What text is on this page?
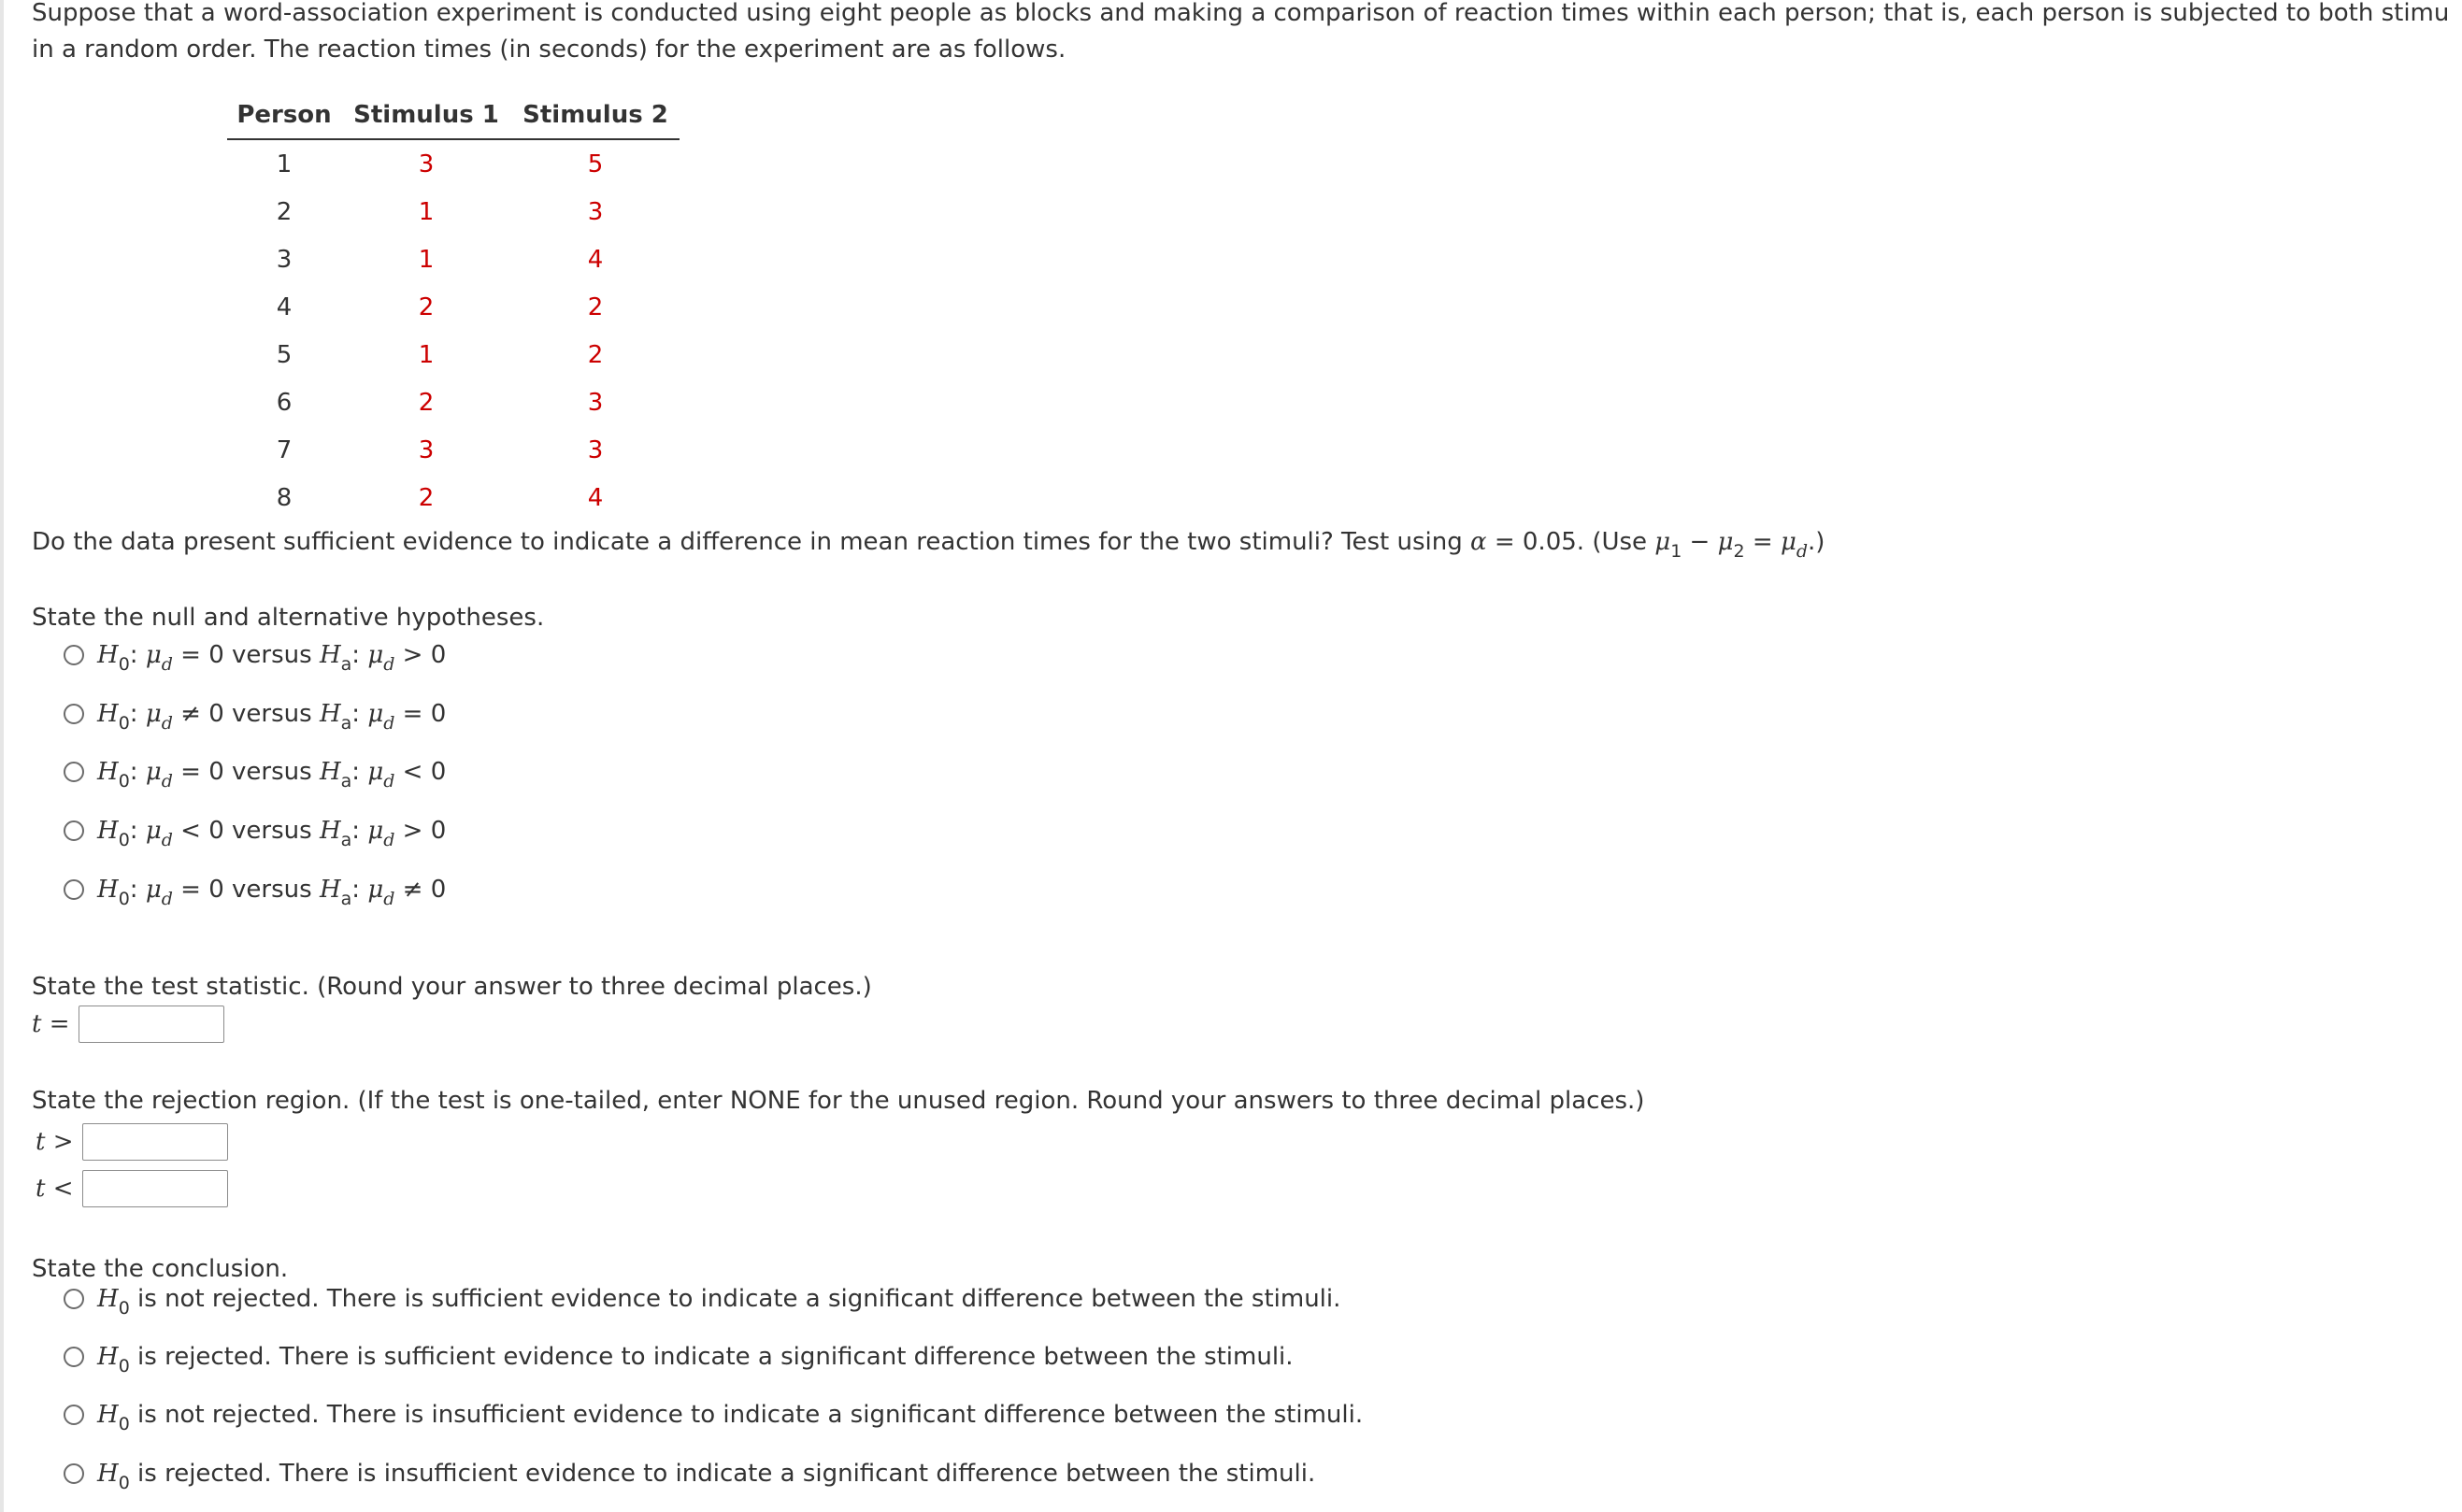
Suppose that a word-association experiment is conducted using eight people as blocks and making a comparison of reaction times within each person; that is, each person is subjected to both stimu
in a random order. The reaction times (in seconds) for the experiment are as follows.
Person	Stimulus 1	Stimulus 2
1	3	5
2	1	3
3	1	4
4	2	2
5	1	2
6	2	3
7	3	3
8	2	4
Do the data present sufficient evidence to indicate a difference in mean reaction times for the two stimuli? Test using α = 0.05. (Use $\mu_1 - \mu_2 = \mu_d$.)
State the null and alternative hypotheses.
$H_0$: $\mu_d = 0$ versus $H_a$: $\mu_d > 0$
$H_0$: $\mu_d \ne 0$ versus $H_a$: $\mu_d = 0$
$H_0$: $\mu_d = 0$ versus $H_a$: $\mu_d < 0$
$H_0$: $\mu_d < 0$ versus $H_a$: $\mu_d > 0$
$H_0$: $\mu_d = 0$ versus $H_a$: $\mu_d \ne 0$
State the test statistic. (Round your answer to three decimal places.)
t =
State the rejection region. (If the test is one-tailed, enter NONE for the unused region. Round your answers to three decimal places.)
t >
t <
State the conclusion.
$H_0$ is not rejected. There is sufficient evidence to indicate a significant difference between the stimuli.
$H_0$ is rejected. There is sufficient evidence to indicate a significant difference between the stimuli.
$H_0$ is not rejected. There is insufficient evidence to indicate a significant difference between the stimuli.
$H_0$ is rejected. There is insufficient evidence to indicate a significant difference between the stimuli.
